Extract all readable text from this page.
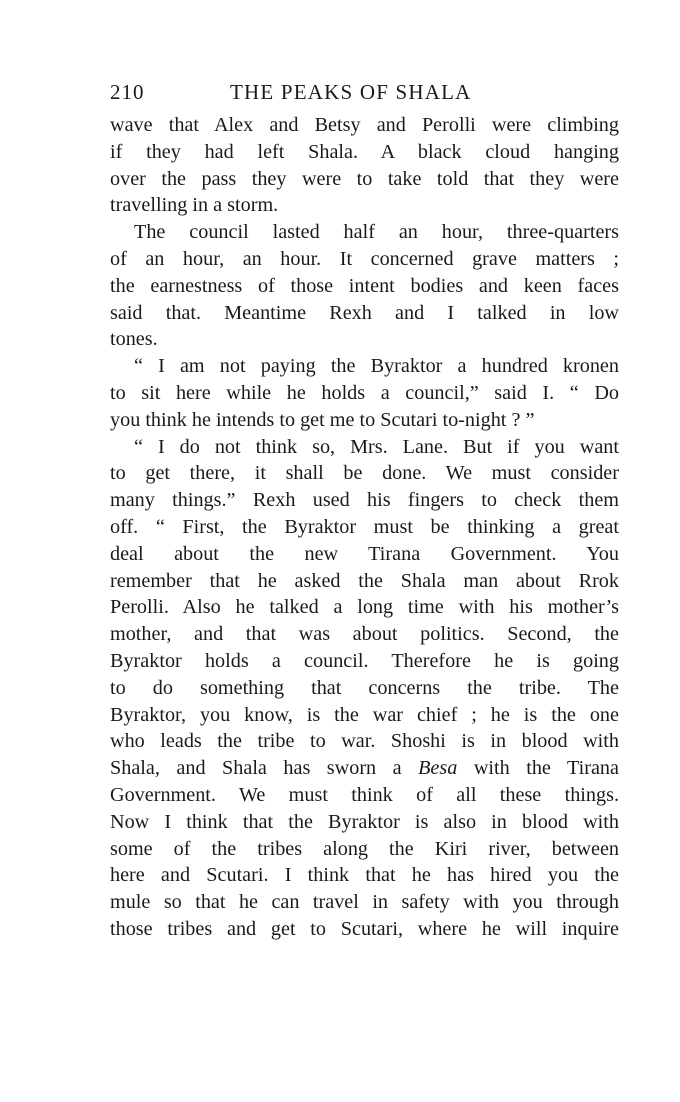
210	THE PEAKS OF SHALA
wave that Alex and Betsy and Perolli were climbing
if they had left Shala. A black cloud hanging
over the pass they were to take told that they were
travelling in a storm.
The council lasted half an hour, three-quarters
of an hour, an hour. It concerned grave matters ;
the earnestness of those intent bodies and keen faces
said that. Meantime Rexh and I talked in low
tones.
“ I am not paying the Byraktor a hundred kronen
to sit here while he holds a council,” said I. “ Do
you think he intends to get me to Scutari to-night ? ”
“ I do not think so, Mrs. Lane. But if you want
to get there, it shall be done. We must consider
many things.” Rexh used his fingers to check them
off. “ First, the Byraktor must be thinking a great
deal about the new Tirana Government. You
remember that he asked the Shala man about Rrok
Perolli. Also he talked a long time with his mother’s
mother, and that was about politics. Second, the
Byraktor holds a council. Therefore he is going
to do something that concerns the tribe. The
Byraktor, you know, is the war chief ; he is the one
who leads the tribe to war. Shoshi is in blood with
Shala, and Shala has sworn a Besa with the Tirana
Government. We must think of all these things.
Now I think that the Byraktor is also in blood with
some of the tribes along the Kiri river, between
here and Scutari. I think that he has hired you the
mule so that he can travel in safety with you through
those tribes and get to Scutari, where he will inquire
